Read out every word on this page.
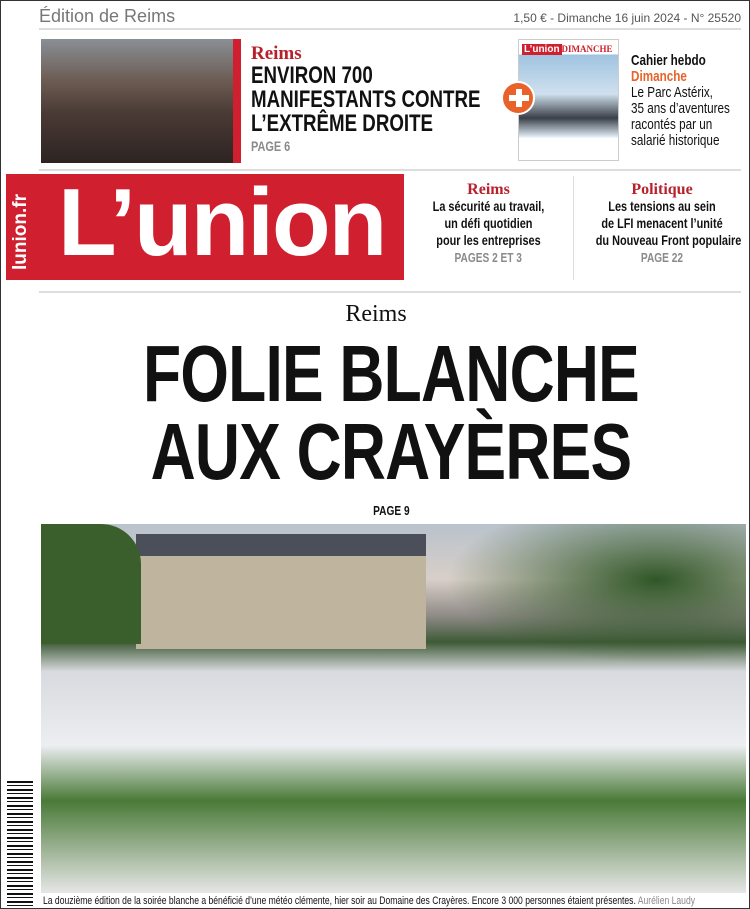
Édition de Reims	1,50 € - Dimanche 16 juin 2024 - N° 25520
Reims
ENVIRON 700
MANIFESTANTS CONTRE
L’EXTRÊME DROITE
PAGE 6
L’union DIMANCHE
Cahier hebdo
Dimanche
Le Parc Astérix,
35 ans d’aventures
racontés par un
salarié historique
lunion.fr L’union	Reims
La sécurité au travail,
un défi quotidien
pour les entreprises
PAGES 2 ET 3
Politique
Les tensions au sein
de LFI menacent l’unité
du Nouveau Front populaire
PAGE 22
Reims
FOLIE BLANCHE
AUX CRAYÈRES
PAGE 9
La douzième édition de la soirée blanche a bénéficié d’une météo clémente, hier soir au Domaine des Crayères. Encore 3 000 personnes étaient présentes. Aurélien Laudy
